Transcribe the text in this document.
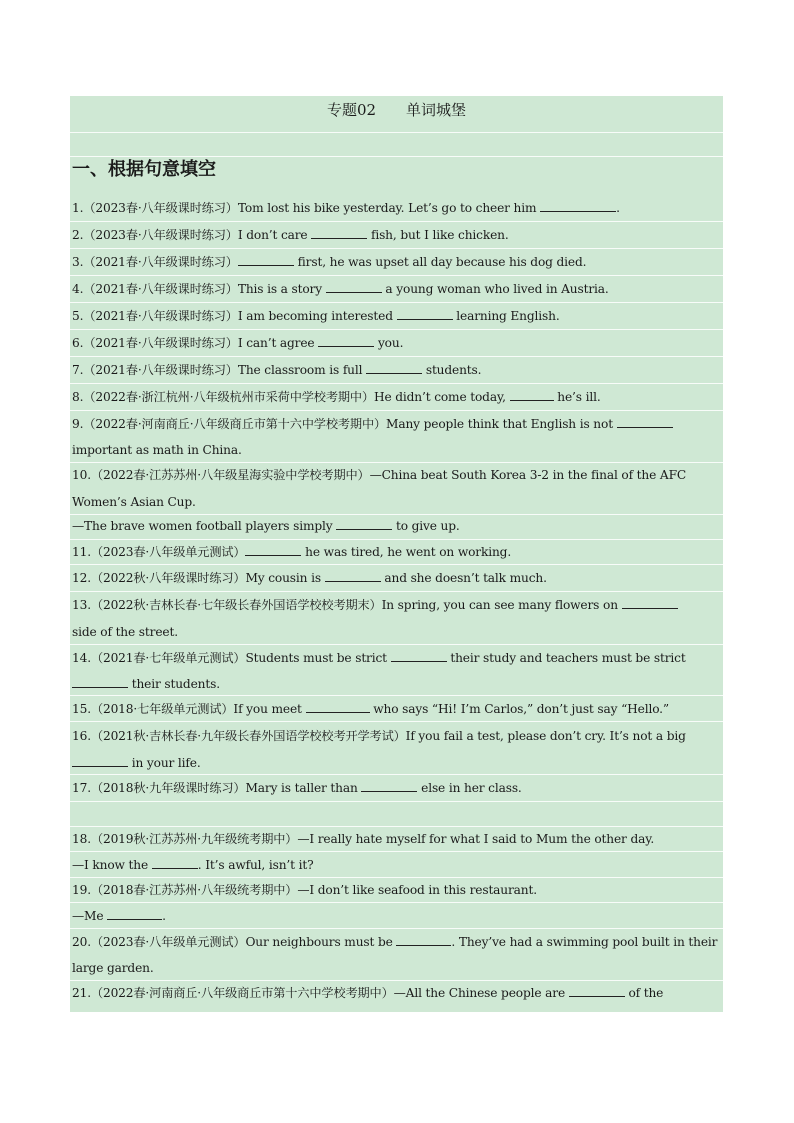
专题02 单词城堡
一、根据句意填空
1.（2023春·八年级课时练习）Tom lost his bike yesterday. Let’s go to cheer him	.
2.（2023春·八年级课时练习）I don’t care	fish, but I like chicken.
3.（2021春·八年级课时练习）	first, he was upset all day because his dog died.
4.（2021春·八年级课时练习）This is a story	a young woman who lived in Austria.
5.（2021春·八年级课时练习）I am becoming interested	learning English.
6.（2021春·八年级课时练习）I can’t agree	you.
7.（2021春·八年级课时练习）The classroom is full	students.
8.（2022春·浙江杭州·八年级杭州市采荷中学校考期中）He didn’t come today,	he’s ill.
9.（2022春·河南商丘·八年级商丘市第十六中学校考期中）Many people think that English is not
important as math in China.
10.（2022春·江苏苏州·八年级星海实验中学校考期中）—China beat South Korea 3-2 in the final of the AFC
Women’s Asian Cup.
—The brave women football players simply	to give up.
11.（2023春·八年级单元测试）	he was tired, he went on working.
12.（2022秋·八年级课时练习）My cousin is	and she doesn’t talk much.
13.（2022秋·吉林长春·七年级长春外国语学校校考期末）In spring, you can see many flowers on
side of the street.
14.（2021春·七年级单元测试）Students must be strict	their study and teachers must be strict
their students.
15.（2018·七年级单元测试）If you meet	who says “Hi! I’m Carlos,” don’t just say “Hello.”
16.（2021秋·吉林长春·九年级长春外国语学校校考开学考试）If you fail a test, please don’t cry. It’s not a big
in your life.
17.（2018秋·九年级课时练习）Mary is taller than	else in her class.
18.（2019秋·江苏苏州·九年级统考期中）—I really hate myself for what I said to Mum the other day.
—I know the	. It’s awful, isn’t it?
19.（2018春·江苏苏州·八年级统考期中）—I don’t like seafood in this restaurant.
—Me	.
20.（2023春·八年级单元测试）Our neighbours must be	. They’ve had a swimming pool built in their
large garden.
21.（2022春·河南商丘·八年级商丘市第十六中学校考期中）—All the Chinese people are	of the
